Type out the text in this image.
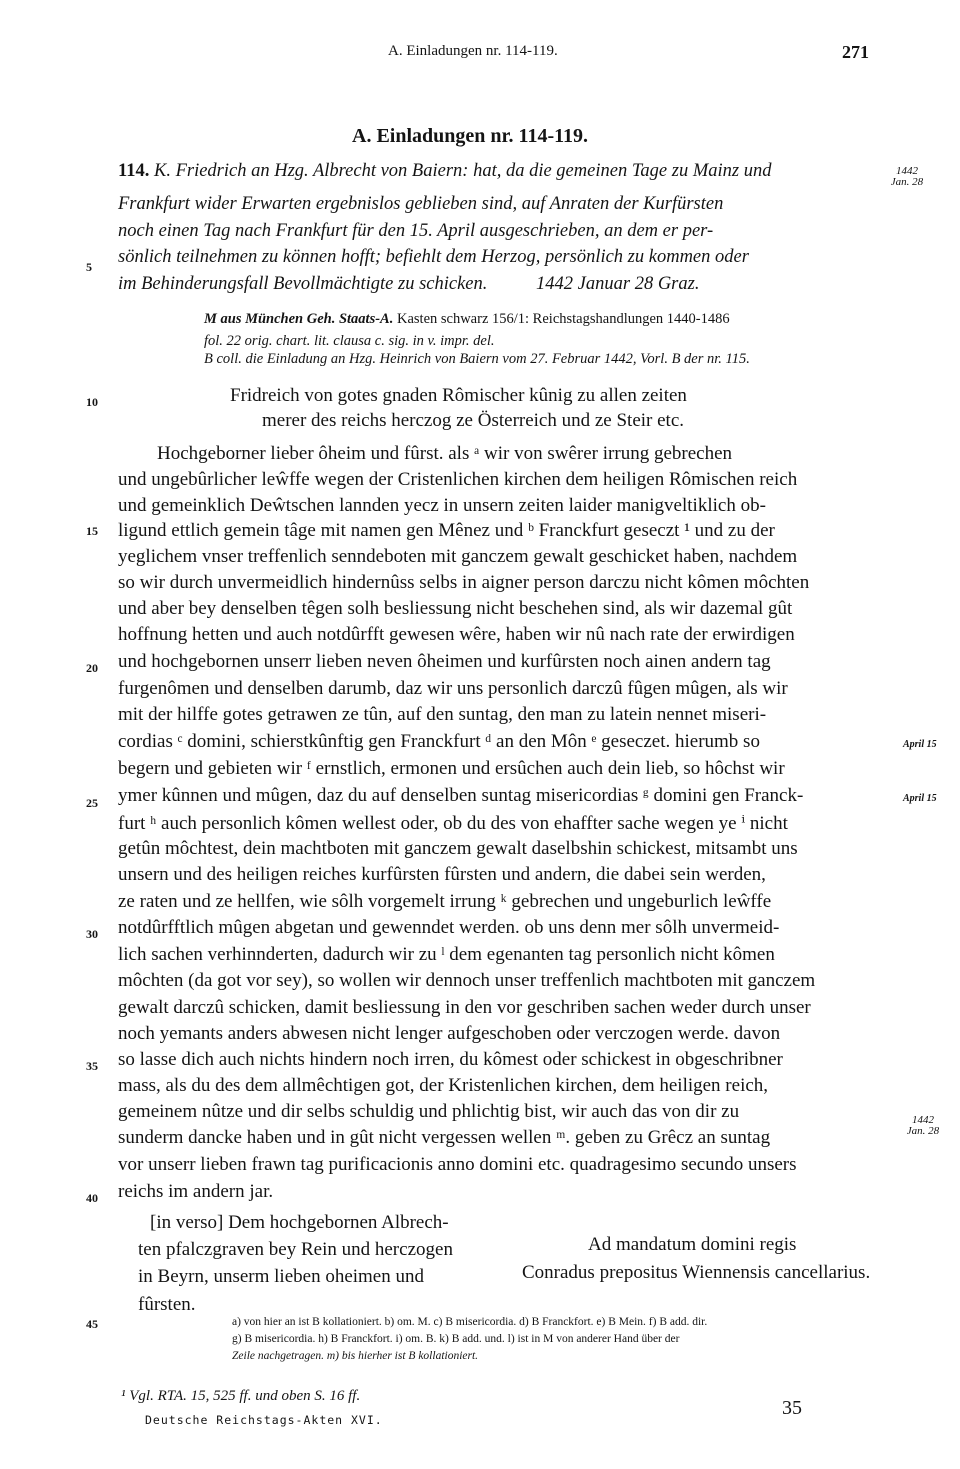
A. Einladungen nr. 114-119.	271
A. Einladungen nr. 114-119.
114. K. Friedrich an Hzg. Albrecht von Baiern: hat, da die gemeinen Tage zu Mainz und
Frankfurt wider Erwarten ergebnislos geblieben sind, auf Anraten der Kurfürsten
noch einen Tag nach Frankfurt für den 15. April ausgeschrieben, an dem er per-
sönlich teilnehmen zu können hofft; befiehlt dem Herzog, persönlich zu kommen oder
im Behinderungsfall Bevollmächtigte zu schicken.	1442 Januar 28 Graz.
1442
Jan. 28
M aus München Geh. Staats-A. Kasten schwarz 156/1: Reichstagshandlungen 1440-1486
fol. 22 orig. chart. lit. clausa c. sig. in v. impr. del.
B coll. die Einladung an Hzg. Heinrich von Baiern vom 27. Februar 1442, Vorl. B der nr. 115.
5
10
15
20
25
30
35
40
45
Fridreich von gotes gnaden Rômischer kûnig zu allen zeiten
merer des reichs herczog ze Österreich und ze Steir etc.
Hochgeborner lieber ôheim und fûrst. als ᵃ wir von swêrer irrung gebrechen
und ungebûrlicher leŵffe wegen der Cristenlichen kirchen dem heiligen Rômischen reich
und gemeinklich Deŵtschen lannden yecz in unsern zeiten laider manigveltiklich ob-
ligund ettlich gemein tâge mit namen gen Mênez und ᵇ Franckfurt geseczt ¹ und zu der
yeglichem vnser treffenlich senndeboten mit ganczem gewalt geschicket haben, nachdem
so wir durch unvermeidlich hindernûss selbs in aigner person darczu nicht kômen môchten
und aber bey denselben têgen solh besliessung nicht beschehen sind, als wir dazemal gût
hoffnung hetten und auch notdûrfft gewesen wêre, haben wir nû nach rate der erwirdigen
und hochgebornen unserr lieben neven ôheimen und kurfûrsten noch ainen andern tag
furgenômen und denselben darumb, daz wir uns personlich darczû fûgen mûgen, als wir
mit der hilffe gotes getrawen ze tûn, auf den suntag, den man zu latein nennet miseri-
cordias ᶜ domini, schierstkûnftig gen Franckfurt ᵈ an den Môn ᵉ geseczet. hierumb so
begern und gebieten wir ᶠ ernstlich, ermonen und ersûchen auch dein lieb, so hôchst wir
ymer kûnnen und mûgen, daz du auf denselben suntag misericordias ᵍ domini gen Franck-
furt ʰ auch personlich kômen wellest oder, ob du des von ehaffter sache wegen ye ⁱ nicht
getûn môchtest, dein machtboten mit ganczem gewalt daselbshin schickest, mitsambt uns
unsern und des heiligen reiches kurfûrsten fûrsten und andern, die dabei sein werden,
ze raten und ze hellfen, wie sôlh vorgemelt irrung ᵏ gebrechen und ungeburlich leŵffe
notdûrfftlich mûgen abgetan und gewenndet werden. ob uns denn mer sôlh unvermeid-
lich sachen verhinnderten, dadurch wir zu ˡ dem egenanten tag personlich nicht kômen
môchten (da got vor sey), so wollen wir dennoch unser treffenlich machtboten mit ganczem
gewalt darczû schicken, damit besliessung in den vor geschriben sachen weder durch unser
noch yemants anders abwesen nicht lenger aufgeschoben oder verczogen werde. davon
so lasse dich auch nichts hindern noch irren, du kômest oder schickest in obgeschribner
mass, als du des dem allmêchtigen got, der Kristenlichen kirchen, dem heiligen reich,
gemeinem nûtze und dir selbs schuldig und phlichtig bist, wir auch das von dir zu
sunderm dancke haben und in gût nicht vergessen wellen ᵐ. geben zu Grêcz an suntag
vor unserr lieben frawn tag purificacionis anno domini etc. quadragesimo secundo unsers
reichs im andern jar.
April 15
April 15
1442
Jan. 28
[in verso] Dem hochgebornen Albrech-
ten pfalczgraven bey Rein und herczogen
in Beyrn, unserm lieben oheimen und
fûrsten.
Ad mandatum domini regis
Conradus prepositus Wiennensis cancellarius.
a) von hier an ist B kollationiert. b) om. M. c) B misericordia. d) B Franckfort. e) B Mein. f) B add. dir.
g) B misericordia. h) B Franckfort. i) om. B. k) B add. und. l) ist in M von anderer Hand über der
Zeile nachgetragen. m) bis hierher ist B kollationiert.
¹ Vgl. RTA. 15, 525 ff. und oben S. 16 ff.
Deutsche Reichstags-Akten XVI.
35
